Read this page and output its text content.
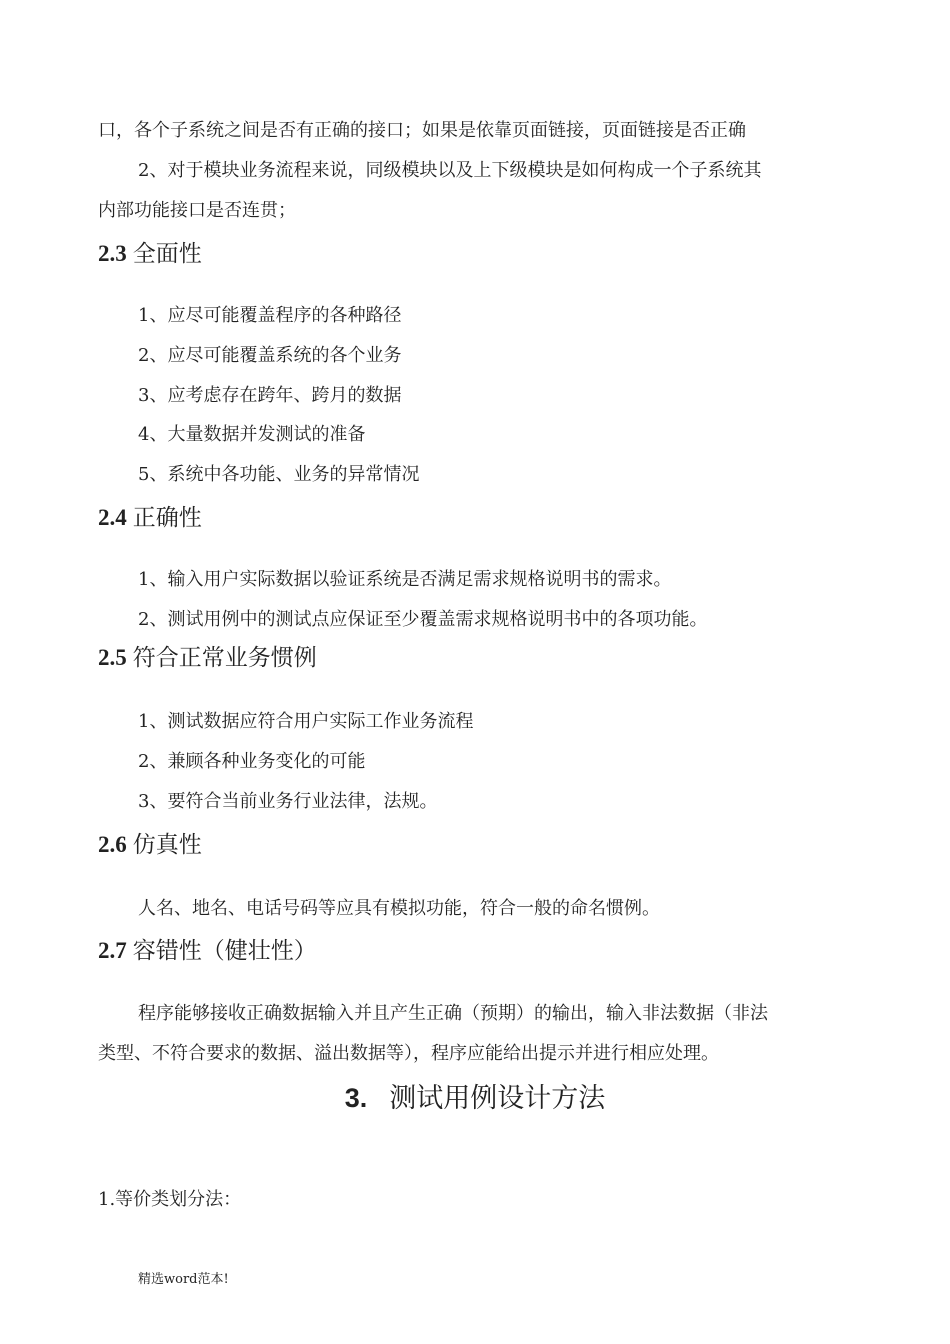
口，各个子系统之间是否有正确的接口；如果是依靠页面链接，页面链接是否正确
2、对于模块业务流程来说，同级模块以及上下级模块是如何构成一个子系统其
内部功能接口是否连贯；
2.3 全面性
1、应尽可能覆盖程序的各种路径
2、应尽可能覆盖系统的各个业务
3、应考虑存在跨年、跨月的数据
4、大量数据并发测试的准备
5、系统中各功能、业务的异常情况
2.4 正确性
1、输入用户实际数据以验证系统是否满足需求规格说明书的需求。
2、测试用例中的测试点应保证至少覆盖需求规格说明书中的各项功能。
2.5 符合正常业务惯例
1、测试数据应符合用户实际工作业务流程
2、兼顾各种业务变化的可能
3、要符合当前业务行业法律，法规。
2.6 仿真性
人名、地名、电话号码等应具有模拟功能，符合一般的命名惯例。
2.7 容错性（健壮性）
程序能够接收正确数据输入并且产生正确（预期）的输出，输入非法数据（非法
类型、不符合要求的数据、溢出数据等），程序应能给出提示并进行相应处理。
3. 测试用例设计方法
1.等价类划分法：
精选word范本!
